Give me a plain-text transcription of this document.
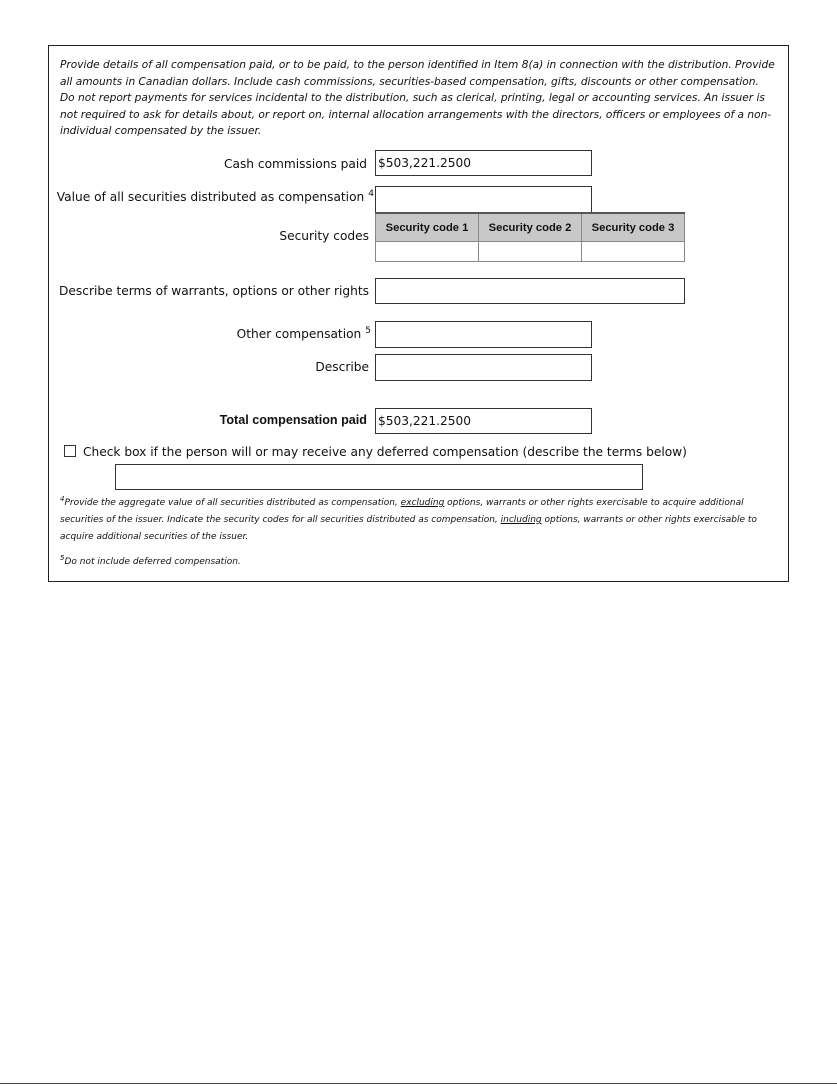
Provide details of all compensation paid, or to be paid, to the person identified in Item 8(a) in connection with the distribution. Provide all amounts in Canadian dollars. Include cash commissions, securities-based compensation, gifts, discounts or other compensation. Do not report payments for services incidental to the distribution, such as clerical, printing, legal or accounting services. An issuer is not required to ask for details about, or report on, internal allocation arrangements with the directors, officers or employees of a non-individual compensated by the issuer.

Cash commissions paid $503,221.2500
Value of all securities distributed as compensation $^4$
Security codes
Security code 1	Security code 2	Security code 3

Describe terms of warrants, options or other rights
Other compensation $^5$
Describe
Total compensation paid $503,221.2500
Check box if the person will or may receive any deferred compensation (describe the terms below)

$^4$Provide the aggregate value of all securities distributed as compensation, excluding options, warrants or other rights exercisable to acquire additional securities of the issuer. Indicate the security codes for all securities distributed as compensation, including options, warrants or other rights exercisable to acquire additional securities of the issuer.

$^5$Do not include deferred compensation.
